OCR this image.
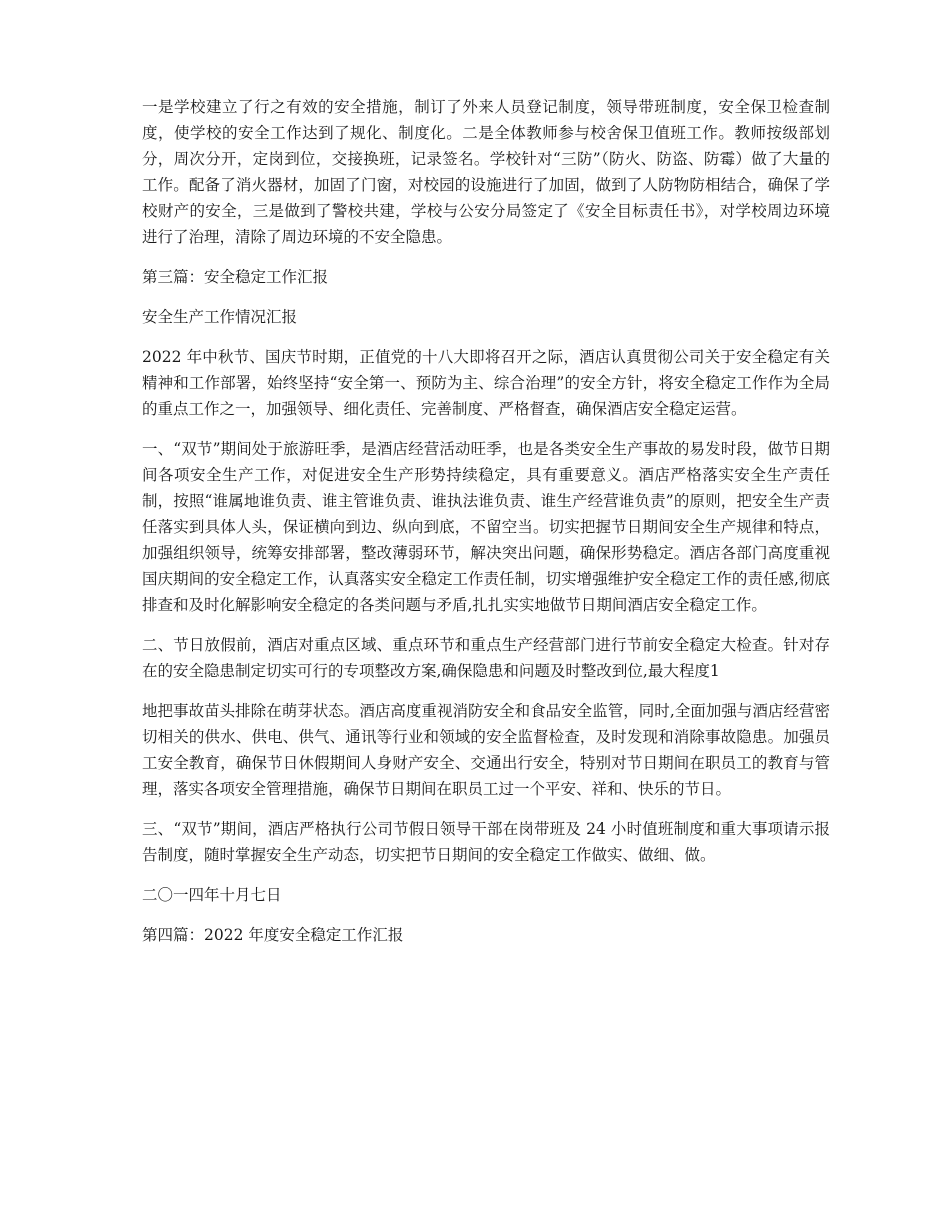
一是学校建立了行之有效的安全措施，制订了外来人员登记制度，领导带班制度，安全保卫检查制度，使学校的安全工作达到了规化、制度化。二是全体教师参与校舍保卫值班工作。教师按级部划分，周次分开，定岗到位，交接换班，记录签名。学校针对“三防”（防火、防盗、防霉）做了大量的工作。配备了消火器材，加固了门窗，对校园的设施进行了加固，做到了人防物防相结合，确保了学校财产的安全，三是做到了警校共建，学校与公安分局签定了《安全目标责任书》，对学校周边环境进行了治理，清除了周边环境的不安全隐患。

第三篇：安全稳定工作汇报

安全生产工作情况汇报

2022 年中秋节、国庆节时期，正值党的十八大即将召开之际，酒店认真贯彻公司关于安全稳定有关精神和工作部署，始终坚持“安全第一、预防为主、综合治理”的安全方针，将安全稳定工作作为全局的重点工作之一，加强领导、细化责任、完善制度、严格督查，确保酒店安全稳定运营。

一、“双节”期间处于旅游旺季，是酒店经营活动旺季，也是各类安全生产事故的易发时段，做节日期间各项安全生产工作，对促进安全生产形势持续稳定，具有重要意义。酒店严格落实安全生产责任制，按照“谁属地谁负责、谁主管谁负责、谁执法谁负责、谁生产经营谁负责”的原则，把安全生产责任落实到具体人头，保证横向到边、纵向到底，不留空当。切实把握节日期间安全生产规律和特点，加强组织领导，统筹安排部署，整改薄弱环节，解决突出问题，确保形势稳定。酒店各部门高度重视国庆期间的安全稳定工作，认真落实安全稳定工作责任制，切实增强维护安全稳定工作的责任感,彻底排查和及时化解影响安全稳定的各类问题与矛盾,扎扎实实地做节日期间酒店安全稳定工作。

二、节日放假前，酒店对重点区域、重点环节和重点生产经营部门进行节前安全稳定大检查。针对存在的安全隐患制定切实可行的专项整改方案,确保隐患和问题及时整改到位,最大程度1

地把事故苗头排除在萌芽状态。酒店高度重视消防安全和食品安全监管，同时,全面加强与酒店经营密切相关的供水、供电、供气、通讯等行业和领域的安全监督检查，及时发现和消除事故隐患。加强员工安全教育，确保节日休假期间人身财产安全、交通出行安全，特别对节日期间在职员工的教育与管理，落实各项安全管理措施，确保节日期间在职员工过一个平安、祥和、快乐的节日。

三、“双节”期间，酒店严格执行公司节假日领导干部在岗带班及 24 小时值班制度和重大事项请示报告制度，随时掌握安全生产动态，切实把节日期间的安全稳定工作做实、做细、做。

二〇一四年十月七日

第四篇：2022 年度安全稳定工作汇报
